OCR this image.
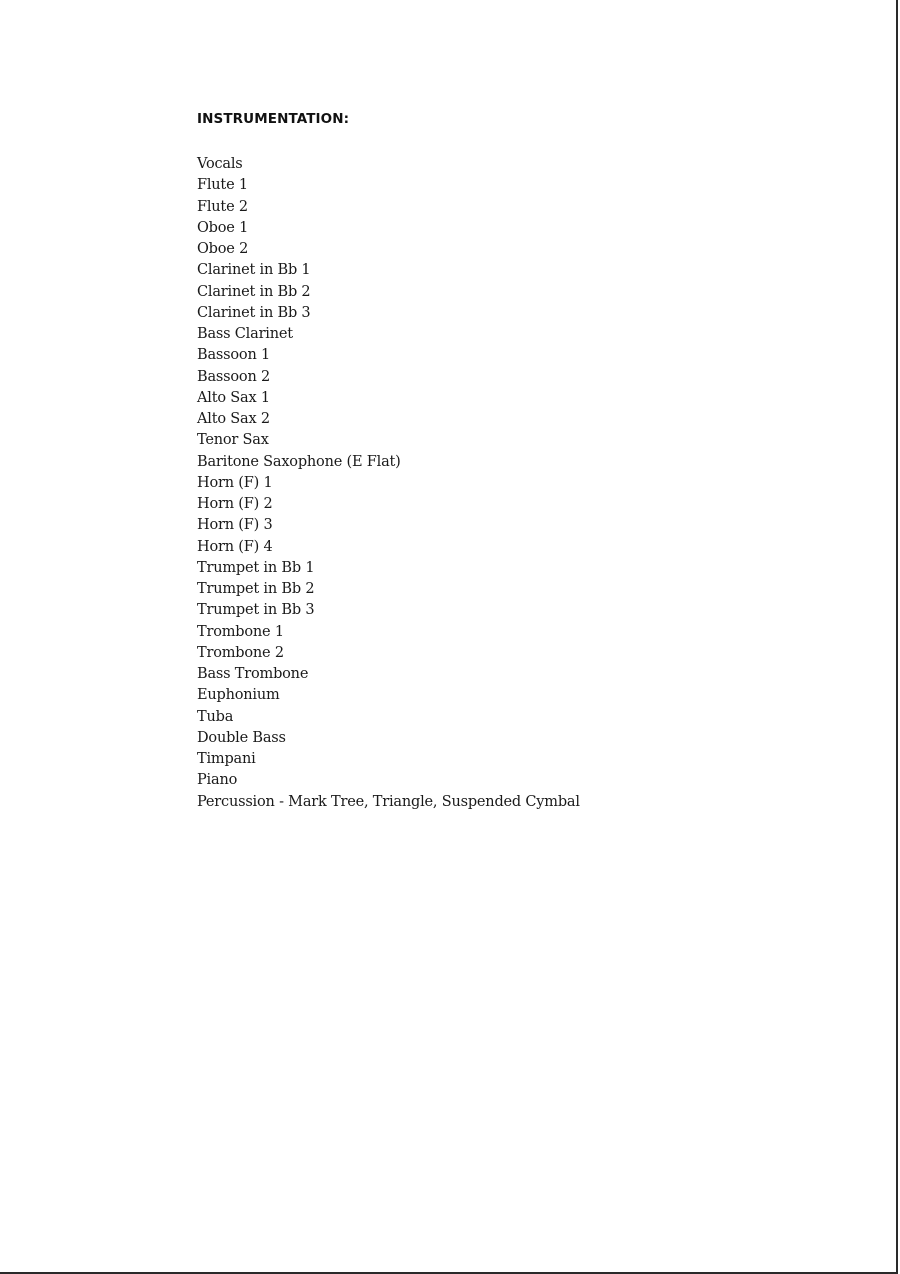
INSTRUMENTATION:
Vocals
Flute 1
Flute 2
Oboe 1
Oboe 2
Clarinet in Bb 1
Clarinet in Bb 2
Clarinet in Bb 3
Bass Clarinet
Bassoon 1
Bassoon 2
Alto Sax 1
Alto Sax 2
Tenor Sax
Baritone Saxophone (E Flat)
Horn (F) 1
Horn (F) 2
Horn (F) 3
Horn (F) 4
Trumpet in Bb 1
Trumpet in Bb 2
Trumpet in Bb 3
Trombone 1
Trombone 2
Bass Trombone
Euphonium
Tuba
Double Bass
Timpani
Piano
Percussion - Mark Tree, Triangle, Suspended Cymbal
